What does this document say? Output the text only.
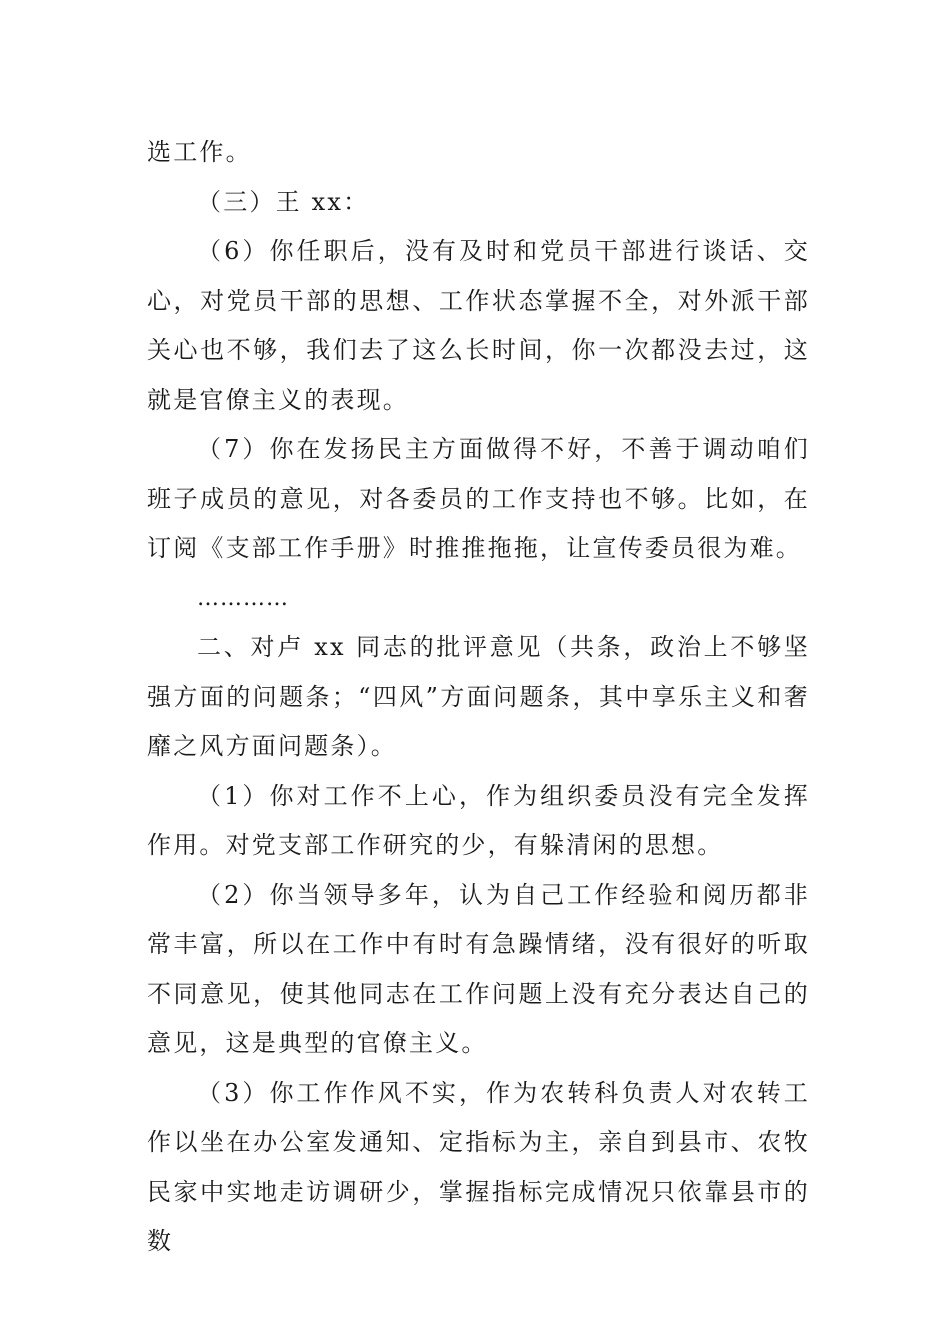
选工作。

（三）王 xx：

（6）你任职后，没有及时和党员干部进行谈话、交心，对党员干部的思想、工作状态掌握不全，对外派干部关心也不够，我们去了这么长时间，你一次都没去过，这就是官僚主义的表现。

（7）你在发扬民主方面做得不好，不善于调动咱们班子成员的意见，对各委员的工作支持也不够。比如，在订阅《支部工作手册》时推推拖拖，让宣传委员很为难。

…………

二、对卢 xx 同志的批评意见（共条，政治上不够坚强方面的问题条；“四风”方面问题条，其中享乐主义和奢靡之风方面问题条）。

（1）你对工作不上心，作为组织委员没有完全发挥作用。对党支部工作研究的少，有躲清闲的思想。

（2）你当领导多年，认为自己工作经验和阅历都非常丰富，所以在工作中有时有急躁情绪，没有很好的听取不同意见，使其他同志在工作问题上没有充分表达自己的意见，这是典型的官僚主义。

（3）你工作作风不实，作为农转科负责人对农转工作以坐在办公室发通知、定指标为主，亲自到县市、农牧民家中实地走访调研少，掌握指标完成情况只依靠县市的数
